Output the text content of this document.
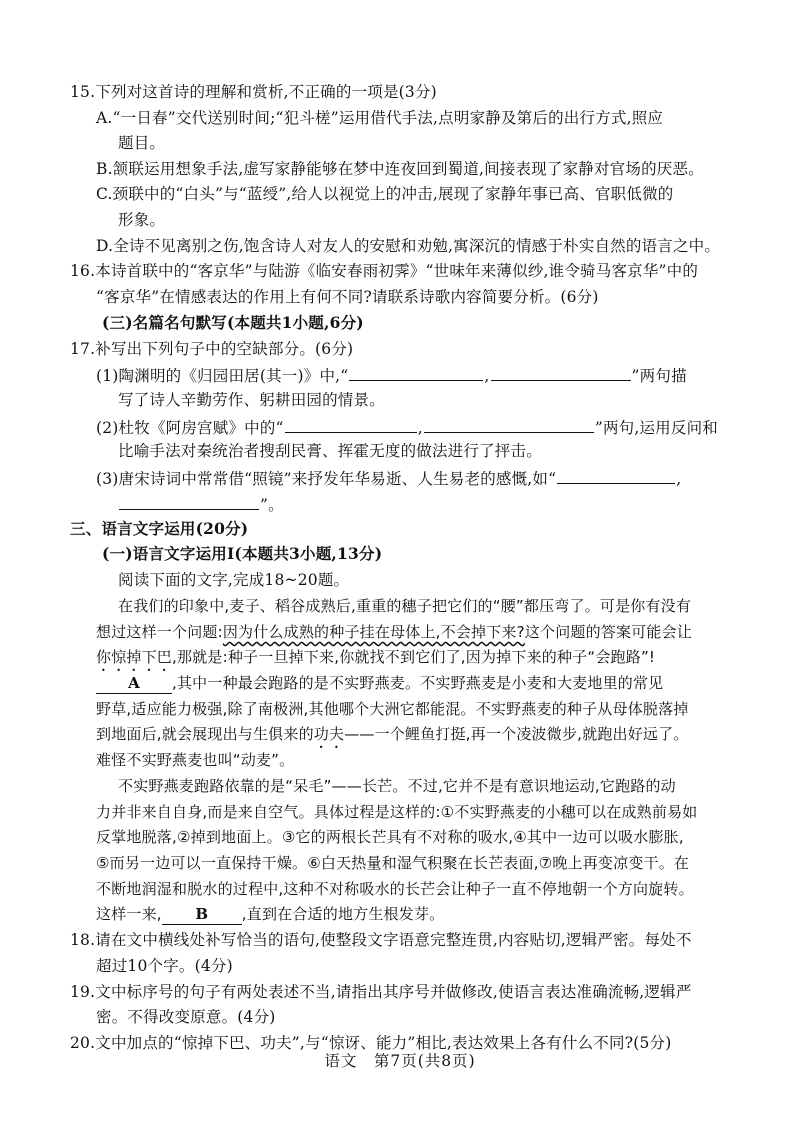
15.下列对这首诗的理解和赏析,不正确的一项是(3分)
A.“一日春”交代送别时间;“犯斗槎”运用借代手法,点明家静及第后的出行方式,照应
题目。
B.颔联运用想象手法,虚写家静能够在梦中连夜回到蜀道,间接表现了家静对官场的厌恶。
C.颈联中的“白头”与“蓝绶”,给人以视觉上的冲击,展现了家静年事已高、官职低微的
形象。
D.全诗不见离别之伤,饱含诗人对友人的安慰和劝勉,寓深沉的情感于朴实自然的语言之中。
16.本诗首联中的“客京华”与陆游《临安春雨初霁》“世味年来薄似纱,谁令骑马客京华”中的
“客京华”在情感表达的作用上有何不同?请联系诗歌内容简要分析。(6分)
(三)名篇名句默写(本题共1小题,6分)
17.补写出下列句子中的空缺部分。(6分)
(1)陶渊明的《归园田居(其一)》中,“	,	”两句描
写了诗人辛勤劳作、躬耕田园的情景。
(2)杜牧《阿房宫赋》中的“	,	”两句,运用反问和
比喻手法对秦统治者搜刮民膏、挥霍无度的做法进行了抨击。
(3)唐宋诗词中常常借“照镜”来抒发年华易逝、人生易老的感慨,如“	,
”。
三、语言文字运用(20分)
(一)语言文字运用Ⅰ(本题共3小题,13分)
阅读下面的文字,完成18~20题。
在我们的印象中,麦子、稻谷成熟后,重重的穗子把它们的“腰”都压弯了。可是你有没有
想过这样一个问题:因为什么成熟的种子挂在母体上,不会掉下来?这个问题的答案可能会让
你惊掉下巴,那就是:种子一旦掉下来,你就找不到它们了,因为掉下来的种子“会跑路”!
A ,其中一种最会跑路的是不实野燕麦。不实野燕麦是小麦和大麦地里的常见
野草,适应能力极强,除了南极洲,其他哪个大洲它都能混。不实野燕麦的种子从母体脱落掉
到地面后,就会展现出与生俱来的功夫——一个鲤鱼打挺,再一个凌波微步,就跑出好远了。
难怪不实野燕麦也叫“动麦”。
不实野燕麦跑路依靠的是“呆毛”——长芒。不过,它并不是有意识地运动,它跑路的动
力并非来自自身,而是来自空气。具体过程是这样的:①不实野燕麦的小穗可以在成熟前易如
反掌地脱落,②掉到地面上。③它的两根长芒具有不对称的吸水,④其中一边可以吸水膨胀,
⑤而另一边可以一直保持干燥。⑥白天热量和湿气积聚在长芒表面,⑦晚上再变凉变干。在
不断地润湿和脱水的过程中,这种不对称吸水的长芒会让种子一直不停地朝一个方向旋转。
这样一来, B ,直到在合适的地方生根发芽。
18.请在文中横线处补写恰当的语句,使整段文字语意完整连贯,内容贴切,逻辑严密。每处不
超过10个字。(4分)
19.文中标序号的句子有两处表述不当,请指出其序号并做修改,使语言表达准确流畅,逻辑严
密。不得改变原意。(4分)
20.文中加点的“惊掉下巴、功夫”,与“惊讶、能力”相比,表达效果上各有什么不同?(5分)
语文　第7页(共8页)
